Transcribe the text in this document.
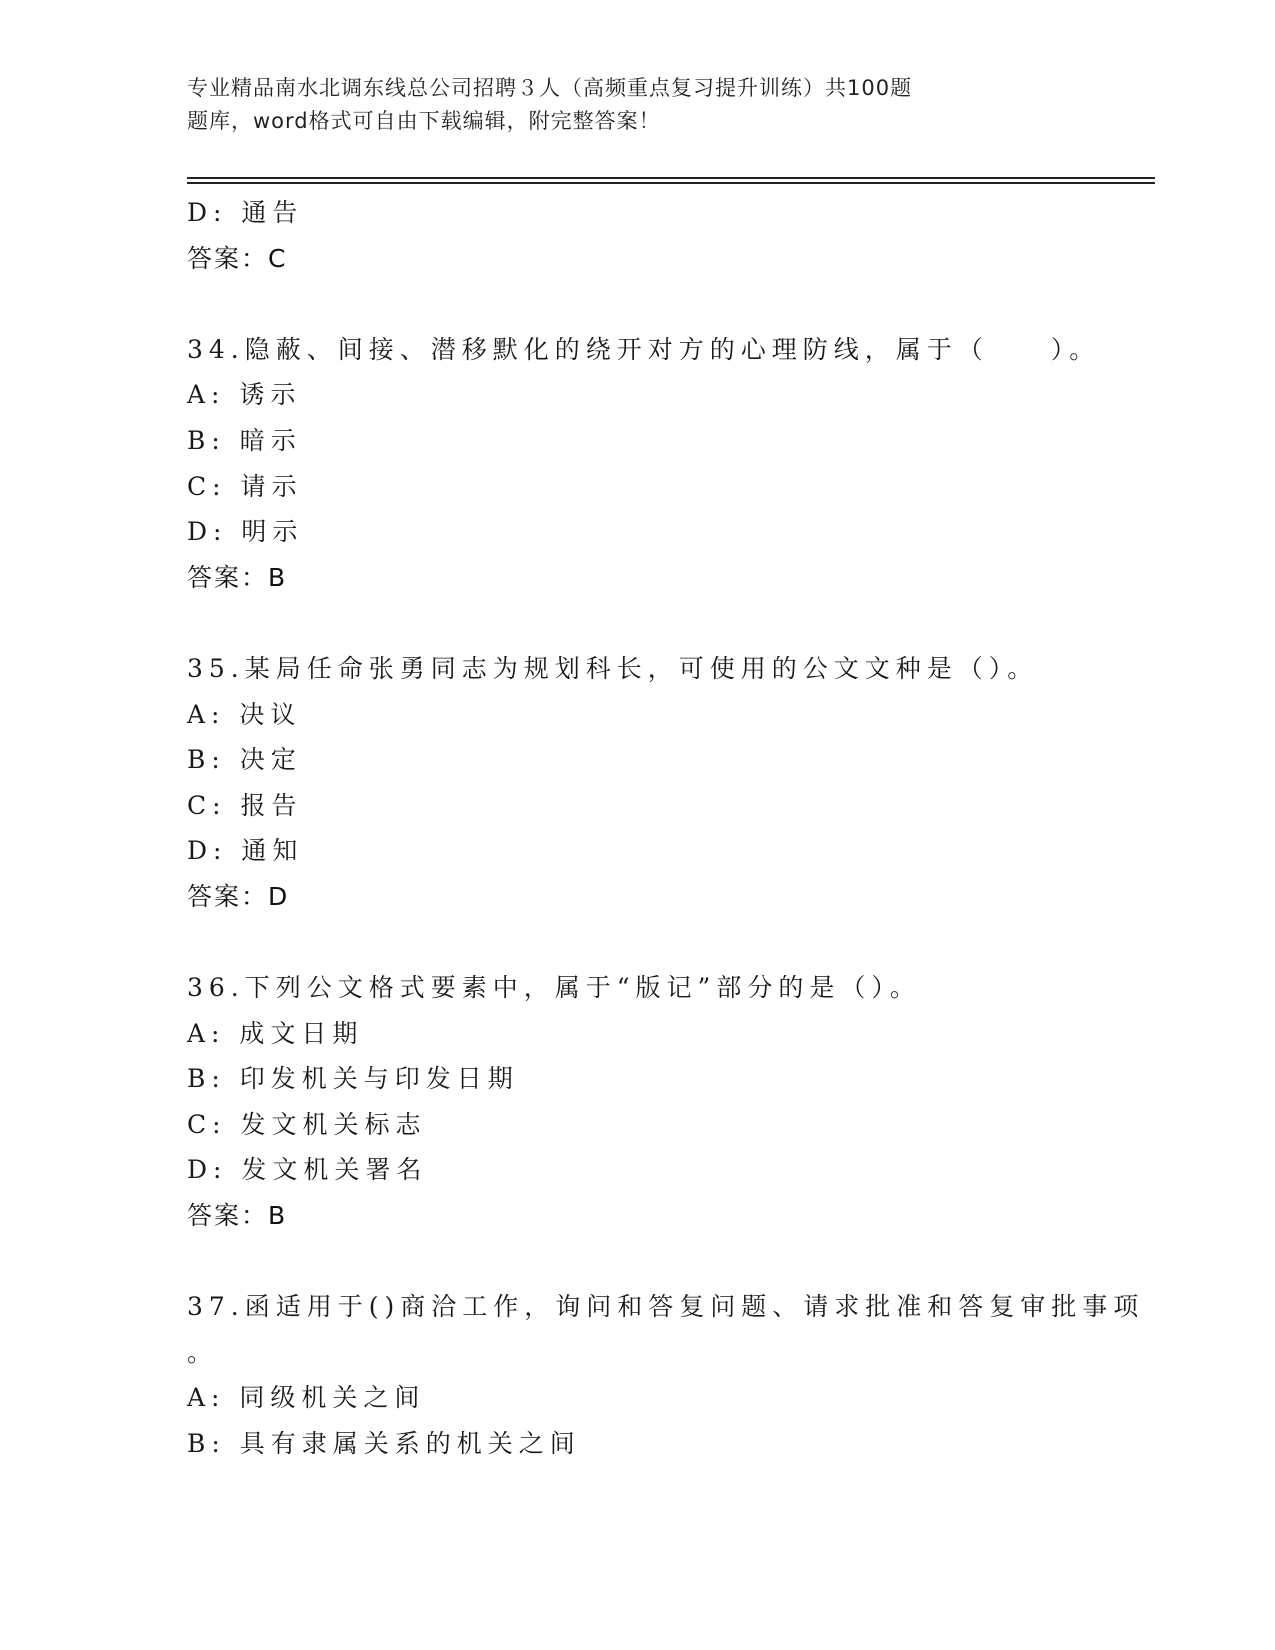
专业精品南水北调东线总公司招聘３人（高频重点复习提升训练）共100题
题库，word格式可自由下载编辑，附完整答案！
D: 通告
答案：C
34.隐蔽、间接、潜移默化的绕开对方的心理防线，属于（　　）。
A: 诱示
B: 暗示
C: 请示
D: 明示
答案：B
35.某局任命张勇同志为规划科长，可使用的公文文种是（）。
A: 决议
B: 决定
C: 报告
D: 通知
答案：D
36.下列公文格式要素中，属于“版记”部分的是（）。
A: 成文日期
B: 印发机关与印发日期
C: 发文机关标志
D: 发文机关署名
答案：B
37.函适用于()商洽工作，询问和答复问题、请求批准和答复审批事项
。
A: 同级机关之间
B: 具有隶属关系的机关之间
